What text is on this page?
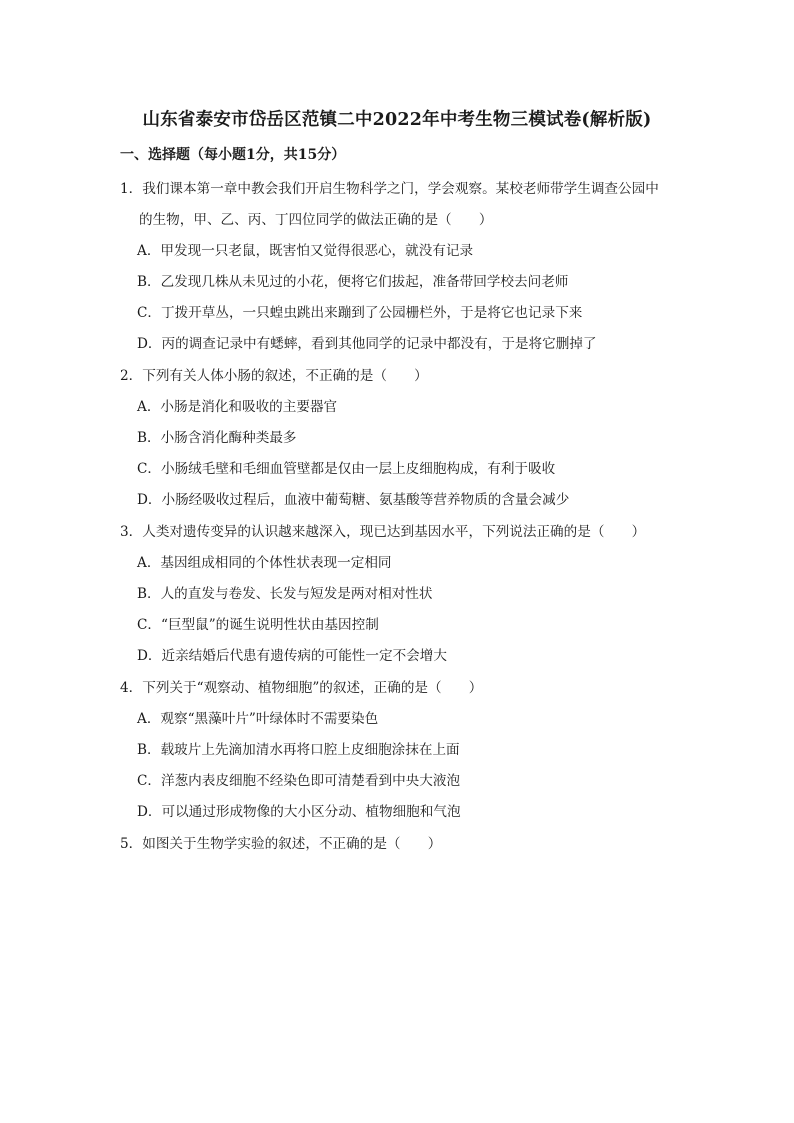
山东省泰安市岱岳区范镇二中2022年中考生物三模试卷(解析版)
一、选择题（每小题1分，共15分）
1．我们课本第一章中教会我们开启生物科学之门，学会观察。某校老师带学生调查公园中
的生物，甲、乙、丙、丁四位同学的做法正确的是（　　）
A．甲发现一只老鼠，既害怕又觉得很恶心，就没有记录
B．乙发现几株从未见过的小花，便将它们拔起，准备带回学校去问老师
C．丁拨开草丛，一只蝗虫跳出来蹦到了公园栅栏外，于是将它也记录下来
D．丙的调查记录中有蟋蟀，看到其他同学的记录中都没有，于是将它删掉了
2．下列有关人体小肠的叙述，不正确的是（　　）
A．小肠是消化和吸收的主要器官
B．小肠含消化酶种类最多
C．小肠绒毛壁和毛细血管壁都是仅由一层上皮细胞构成，有利于吸收
D．小肠经吸收过程后，血液中葡萄糖、氨基酸等营养物质的含量会减少
3．人类对遗传变异的认识越来越深入，现已达到基因水平，下列说法正确的是（　　）
A．基因组成相同的个体性状表现一定相同
B．人的直发与卷发、长发与短发是两对相对性状
C．“巨型鼠”的诞生说明性状由基因控制
D．近亲结婚后代患有遗传病的可能性一定不会增大
4．下列关于“观察动、植物细胞”的叙述，正确的是（　　）
A．观察“黑藻叶片”叶绿体时不需要染色
B．载玻片上先滴加清水再将口腔上皮细胞涂抹在上面
C．洋葱内表皮细胞不经染色即可清楚看到中央大液泡
D．可以通过形成物像的大小区分动、植物细胞和气泡
5．如图关于生物学实验的叙述，不正确的是（　　）
